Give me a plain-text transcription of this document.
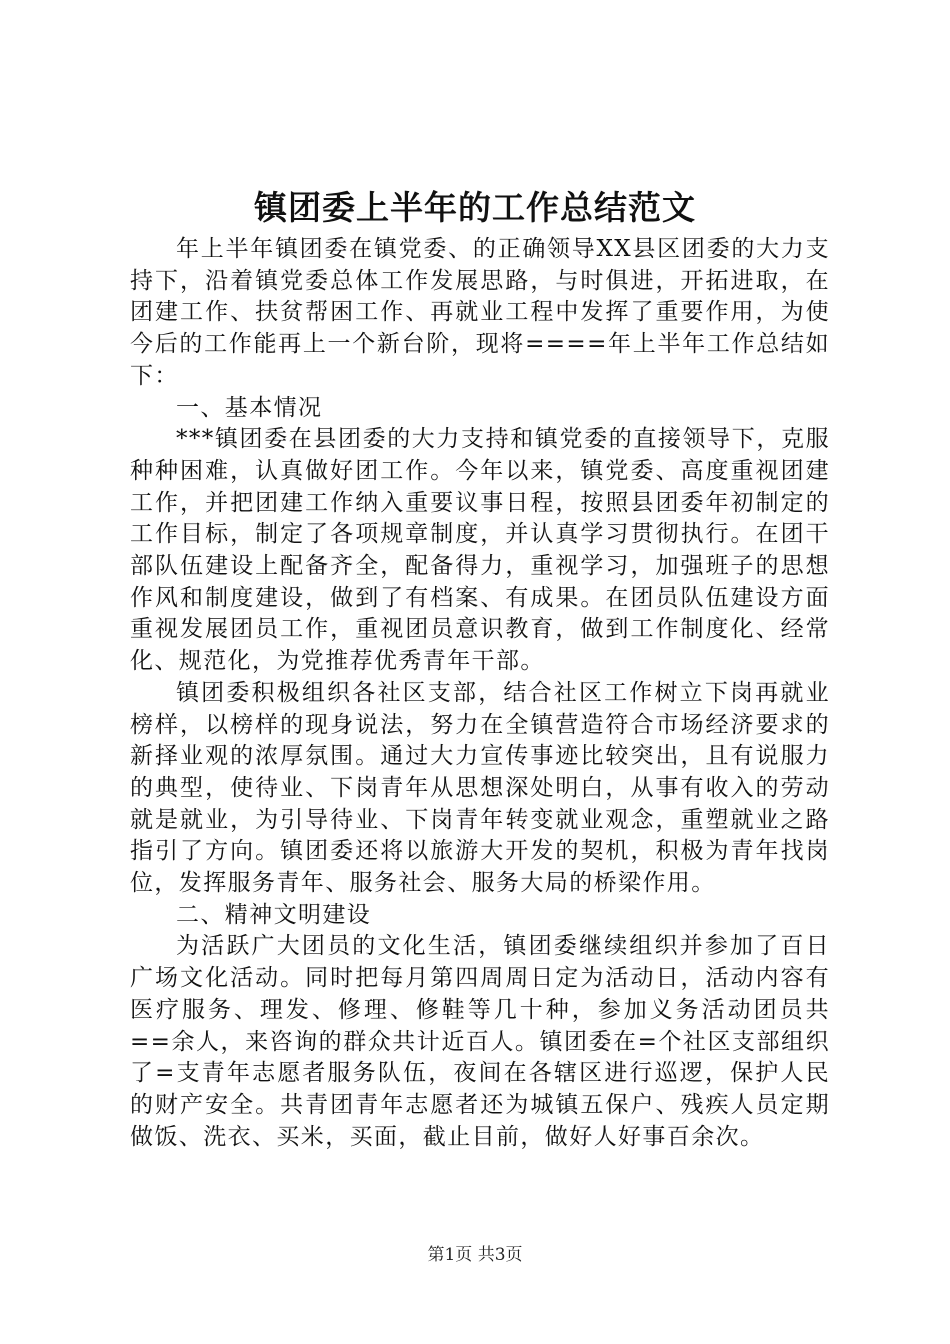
镇团委上半年的工作总结范文

年上半年镇团委在镇党委、的正确领导XX县区团委的大力支持下，沿着镇党委总体工作发展思路，与时俱进，开拓进取，在团建工作、扶贫帮困工作、再就业工程中发挥了重要作用，为使今后的工作能再上一个新台阶，现将====年上半年工作总结如下：

一、基本情况

***镇团委在县团委的大力支持和镇党委的直接领导下，克服种种困难，认真做好团工作。今年以来，镇党委、高度重视团建工作，并把团建工作纳入重要议事日程，按照县团委年初制定的工作目标，制定了各项规章制度，并认真学习贯彻执行。在团干部队伍建设上配备齐全，配备得力，重视学习，加强班子的思想作风和制度建设，做到了有档案、有成果。在团员队伍建设方面重视发展团员工作，重视团员意识教育，做到工作制度化、经常化、规范化，为党推荐优秀青年干部。

镇团委积极组织各社区支部，结合社区工作树立下岗再就业榜样，以榜样的现身说法，努力在全镇营造符合市场经济要求的新择业观的浓厚氛围。通过大力宣传事迹比较突出，且有说服力的典型，使待业、下岗青年从思想深处明白，从事有收入的劳动就是就业，为引导待业、下岗青年转变就业观念，重塑就业之路指引了方向。镇团委还将以旅游大开发的契机，积极为青年找岗位，发挥服务青年、服务社会、服务大局的桥梁作用。

二、精神文明建设

为活跃广大团员的文化生活，镇团委继续组织并参加了百日广场文化活动。同时把每月第四周周日定为活动日，活动内容有医疗服务、理发、修理、修鞋等几十种，参加义务活动团员共==余人，来咨询的群众共计近百人。镇团委在=个社区支部组织了=支青年志愿者服务队伍，夜间在各辖区进行巡逻，保护人民的财产安全。共青团青年志愿者还为城镇五保户、残疾人员定期做饭、洗衣、买米，买面，截止目前，做好人好事百余次。

第1页 共3页
